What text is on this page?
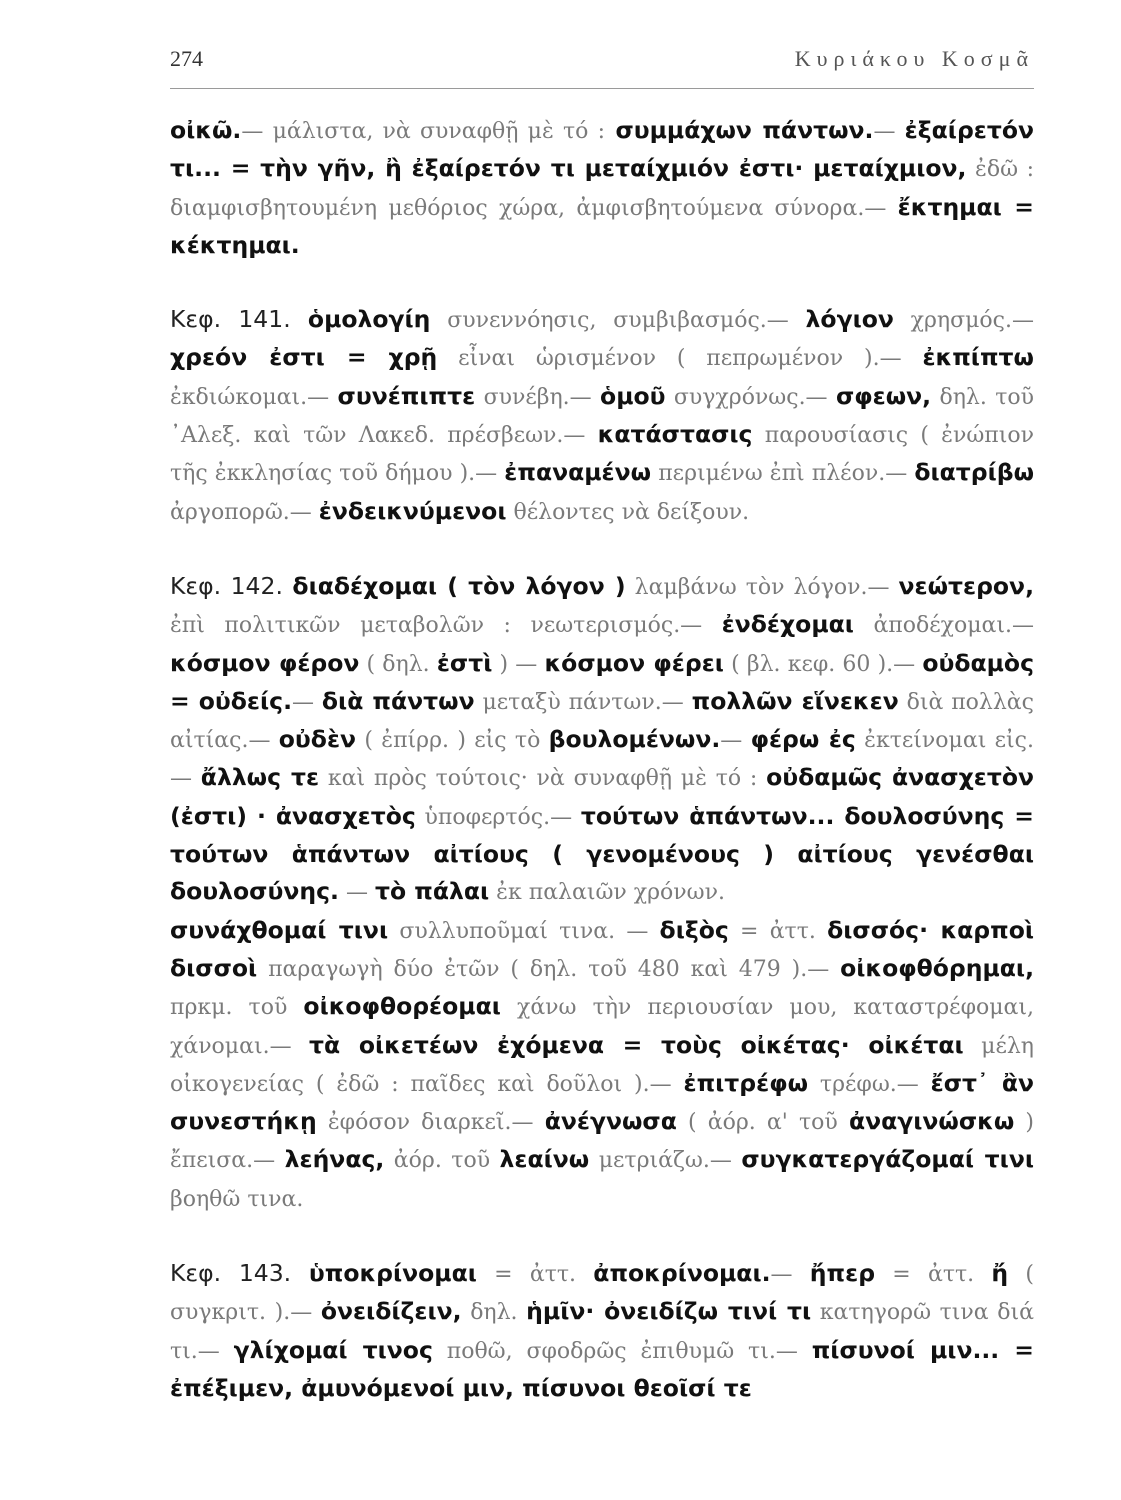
274	Κυριάκου Κοσμᾶ

οἰκῶ.— μάλιστα, νὰ συναφθῇ μὲ τό : συμμάχων πάντων.— ἐξαίρετόν τι... = τὴν γῆν, ἢ ἐξαίρετόν τι μεταίχμιόν ἐστι· μεταίχμιον, ἐδῶ : διαμφισβητουμένη μεθόριος χώρα, ἀμφισβητούμενα σύνορα.— ἔκτημαι = κέκτημαι.

Κεφ. 141. ὁμολογίη συνεννόησις, συμβιβασμός.— λόγιον χρησμός.— χρεόν ἐστι = χρῇ εἶναι ὡρισμένον ( πεπρωμένον ).— ἐκπίπτω ἐκδιώκομαι.— συνέπιπτε συνέβη.— ὁμοῦ συγχρόνως.— σφεων, δηλ. τοῦ ᾿Αλεξ. καὶ τῶν Λακεδ. πρέσβεων.— κατάστασις παρουσίασις ( ἐνώπιον τῆς ἐκκλησίας τοῦ δήμου ).— ἐπαναμένω περιμένω ἐπὶ πλέον.— διατρίβω ἀργοπορῶ.— ἐνδεικνύμενοι θέλοντες νὰ δείξουν.

Κεφ. 142. διαδέχομαι ( τὸν λόγον ) λαμβάνω τὸν λόγον.— νεώτερον, ἐπὶ πολιτικῶν μεταβολῶν : νεωτερισμός.— ἐνδέχομαι ἀποδέχομαι.— κόσμον φέρον ( δηλ. ἐστὶ ) — κόσμον φέρει ( βλ. κεφ. 60 ).— οὐδαμὸς = οὐδείς.— διὰ πάντων μεταξὺ πάντων.— πολλῶν εἵνεκεν διὰ πολλὰς αἰτίας.— οὐδὲν ( ἐπίρρ. ) εἰς τὸ βουλομένων.— φέρω ἐς ἐκτείνομαι εἰς.— ἄλλως τε καὶ πρὸς τούτοις· νὰ συναφθῇ μὲ τό : οὐδαμῶς ἀνασχετὸν (ἐστι) · ἀνασχετὸς ὑποφερτός.— τούτων ἁπάντων... δουλοσύνης = τούτων ἁπάντων αἰτίους ( γενομένους ) αἰτίους γενέσθαι δουλοσύνης. — τὸ πάλαι ἐκ παλαιῶν χρόνων.

συνάχθομαί τινι συλλυποῦμαί τινα. — διξὸς = ἀττ. δισσός· καρποὶ δισσοὶ παραγωγὴ δύο ἐτῶν ( δηλ. τοῦ 480 καὶ 479 ).— οἰκοφθόρημαι, πρκμ. τοῦ οἰκοφθορέομαι χάνω τὴν περιουσίαν μου, καταστρέφομαι, χάνομαι.— τὰ οἰκετέων ἐχόμενα = τοὺς οἰκέτας· οἰκέται μέλη οἰκογενείας ( ἐδῶ : παῖδες καὶ δοῦλοι ).— ἐπιτρέφω τρέφω.— ἔστ᾿ ἂν συνεστήκῃ ἐφόσον διαρκεῖ.— ἀνέγνωσα ( ἀόρ. α' τοῦ ἀναγινώσκω ) ἔπεισα.— λεήνας, ἀόρ. τοῦ λεαίνω μετριάζω.— συγκατεργάζομαί τινι βοηθῶ τινα.

Κεφ. 143. ὑποκρίνομαι = ἀττ. ἀποκρίνομαι.— ἤπερ = ἀττ. ἤ ( συγκριτ. ).— ὀνειδίζειν, δηλ. ἡμῖν· ὀνειδίζω τινί τι κατηγορῶ τινα διά τι.— γλίχομαί τινος ποθῶ, σφοδρῶς ἐπιθυμῶ τι.— πίσυνοί μιν... = ἐπέξιμεν, ἀμυνόμενοί μιν, πίσυνοι θεοῖσί τε
